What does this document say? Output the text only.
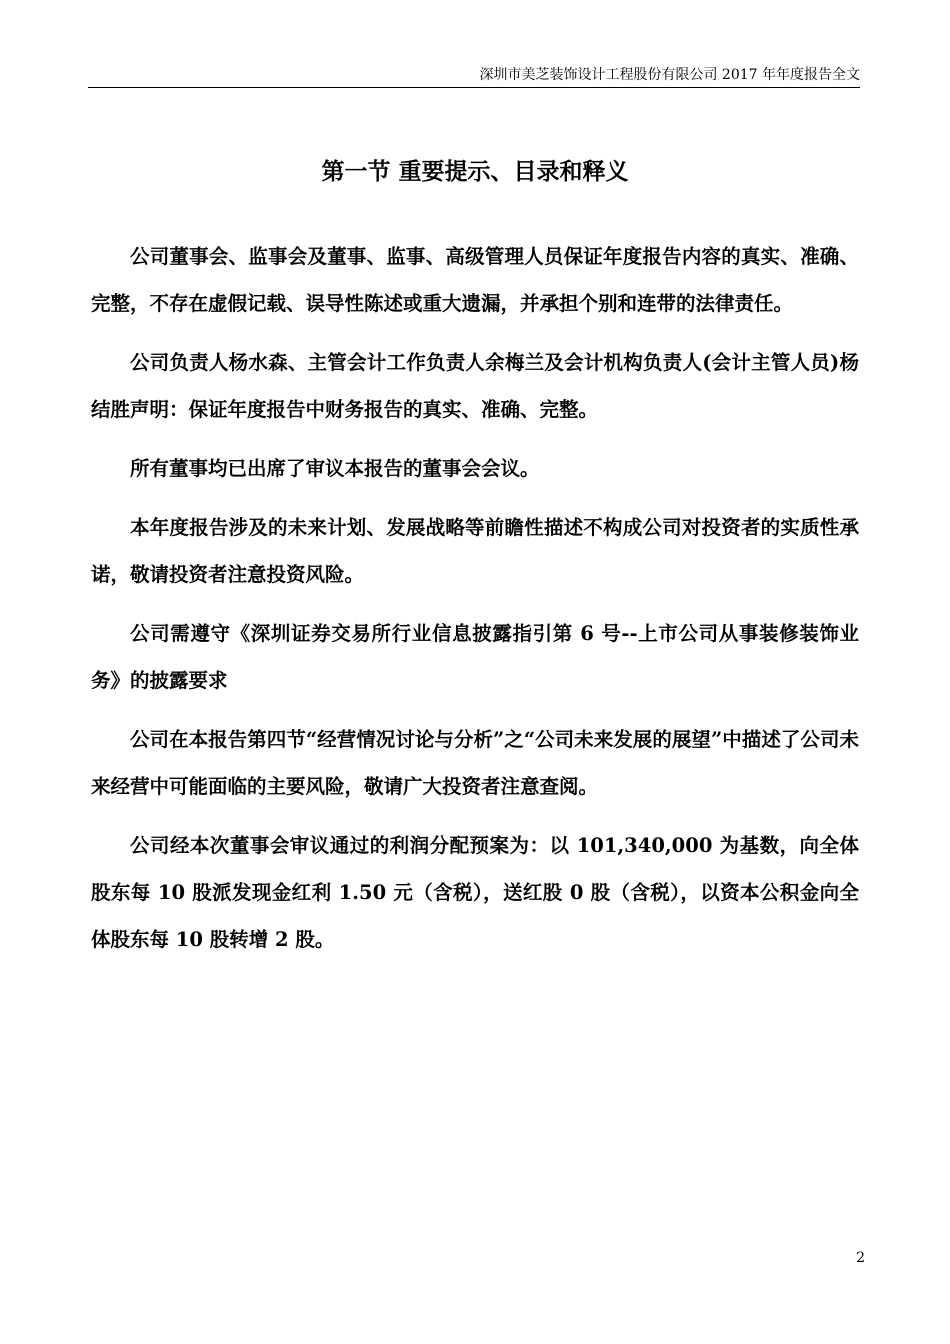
深圳市美芝装饰设计工程股份有限公司 2017 年年度报告全文
第一节 重要提示、目录和释义

公司董事会、监事会及董事、监事、高级管理人员保证年度报告内容的真实、准确、完整，不存在虚假记载、误导性陈述或重大遗漏，并承担个别和连带的法律责任。

公司负责人杨水森、主管会计工作负责人余梅兰及会计机构负责人(会计主管人员)杨结胜声明：保证年度报告中财务报告的真实、准确、完整。

所有董事均已出席了审议本报告的董事会会议。

本年度报告涉及的未来计划、发展战略等前瞻性描述不构成公司对投资者的实质性承诺，敬请投资者注意投资风险。

公司需遵守《深圳证券交易所行业信息披露指引第 6 号--上市公司从事装修装饰业务》的披露要求

公司在本报告第四节“经营情况讨论与分析”之“公司未来发展的展望”中描述了公司未来经营中可能面临的主要风险，敬请广大投资者注意查阅。

公司经本次董事会审议通过的利润分配预案为：以 101,340,000 为基数，向全体股东每 10 股派发现金红利 1.50 元（含税），送红股 0 股（含税），以资本公积金向全体股东每 10 股转增 2 股。

2
